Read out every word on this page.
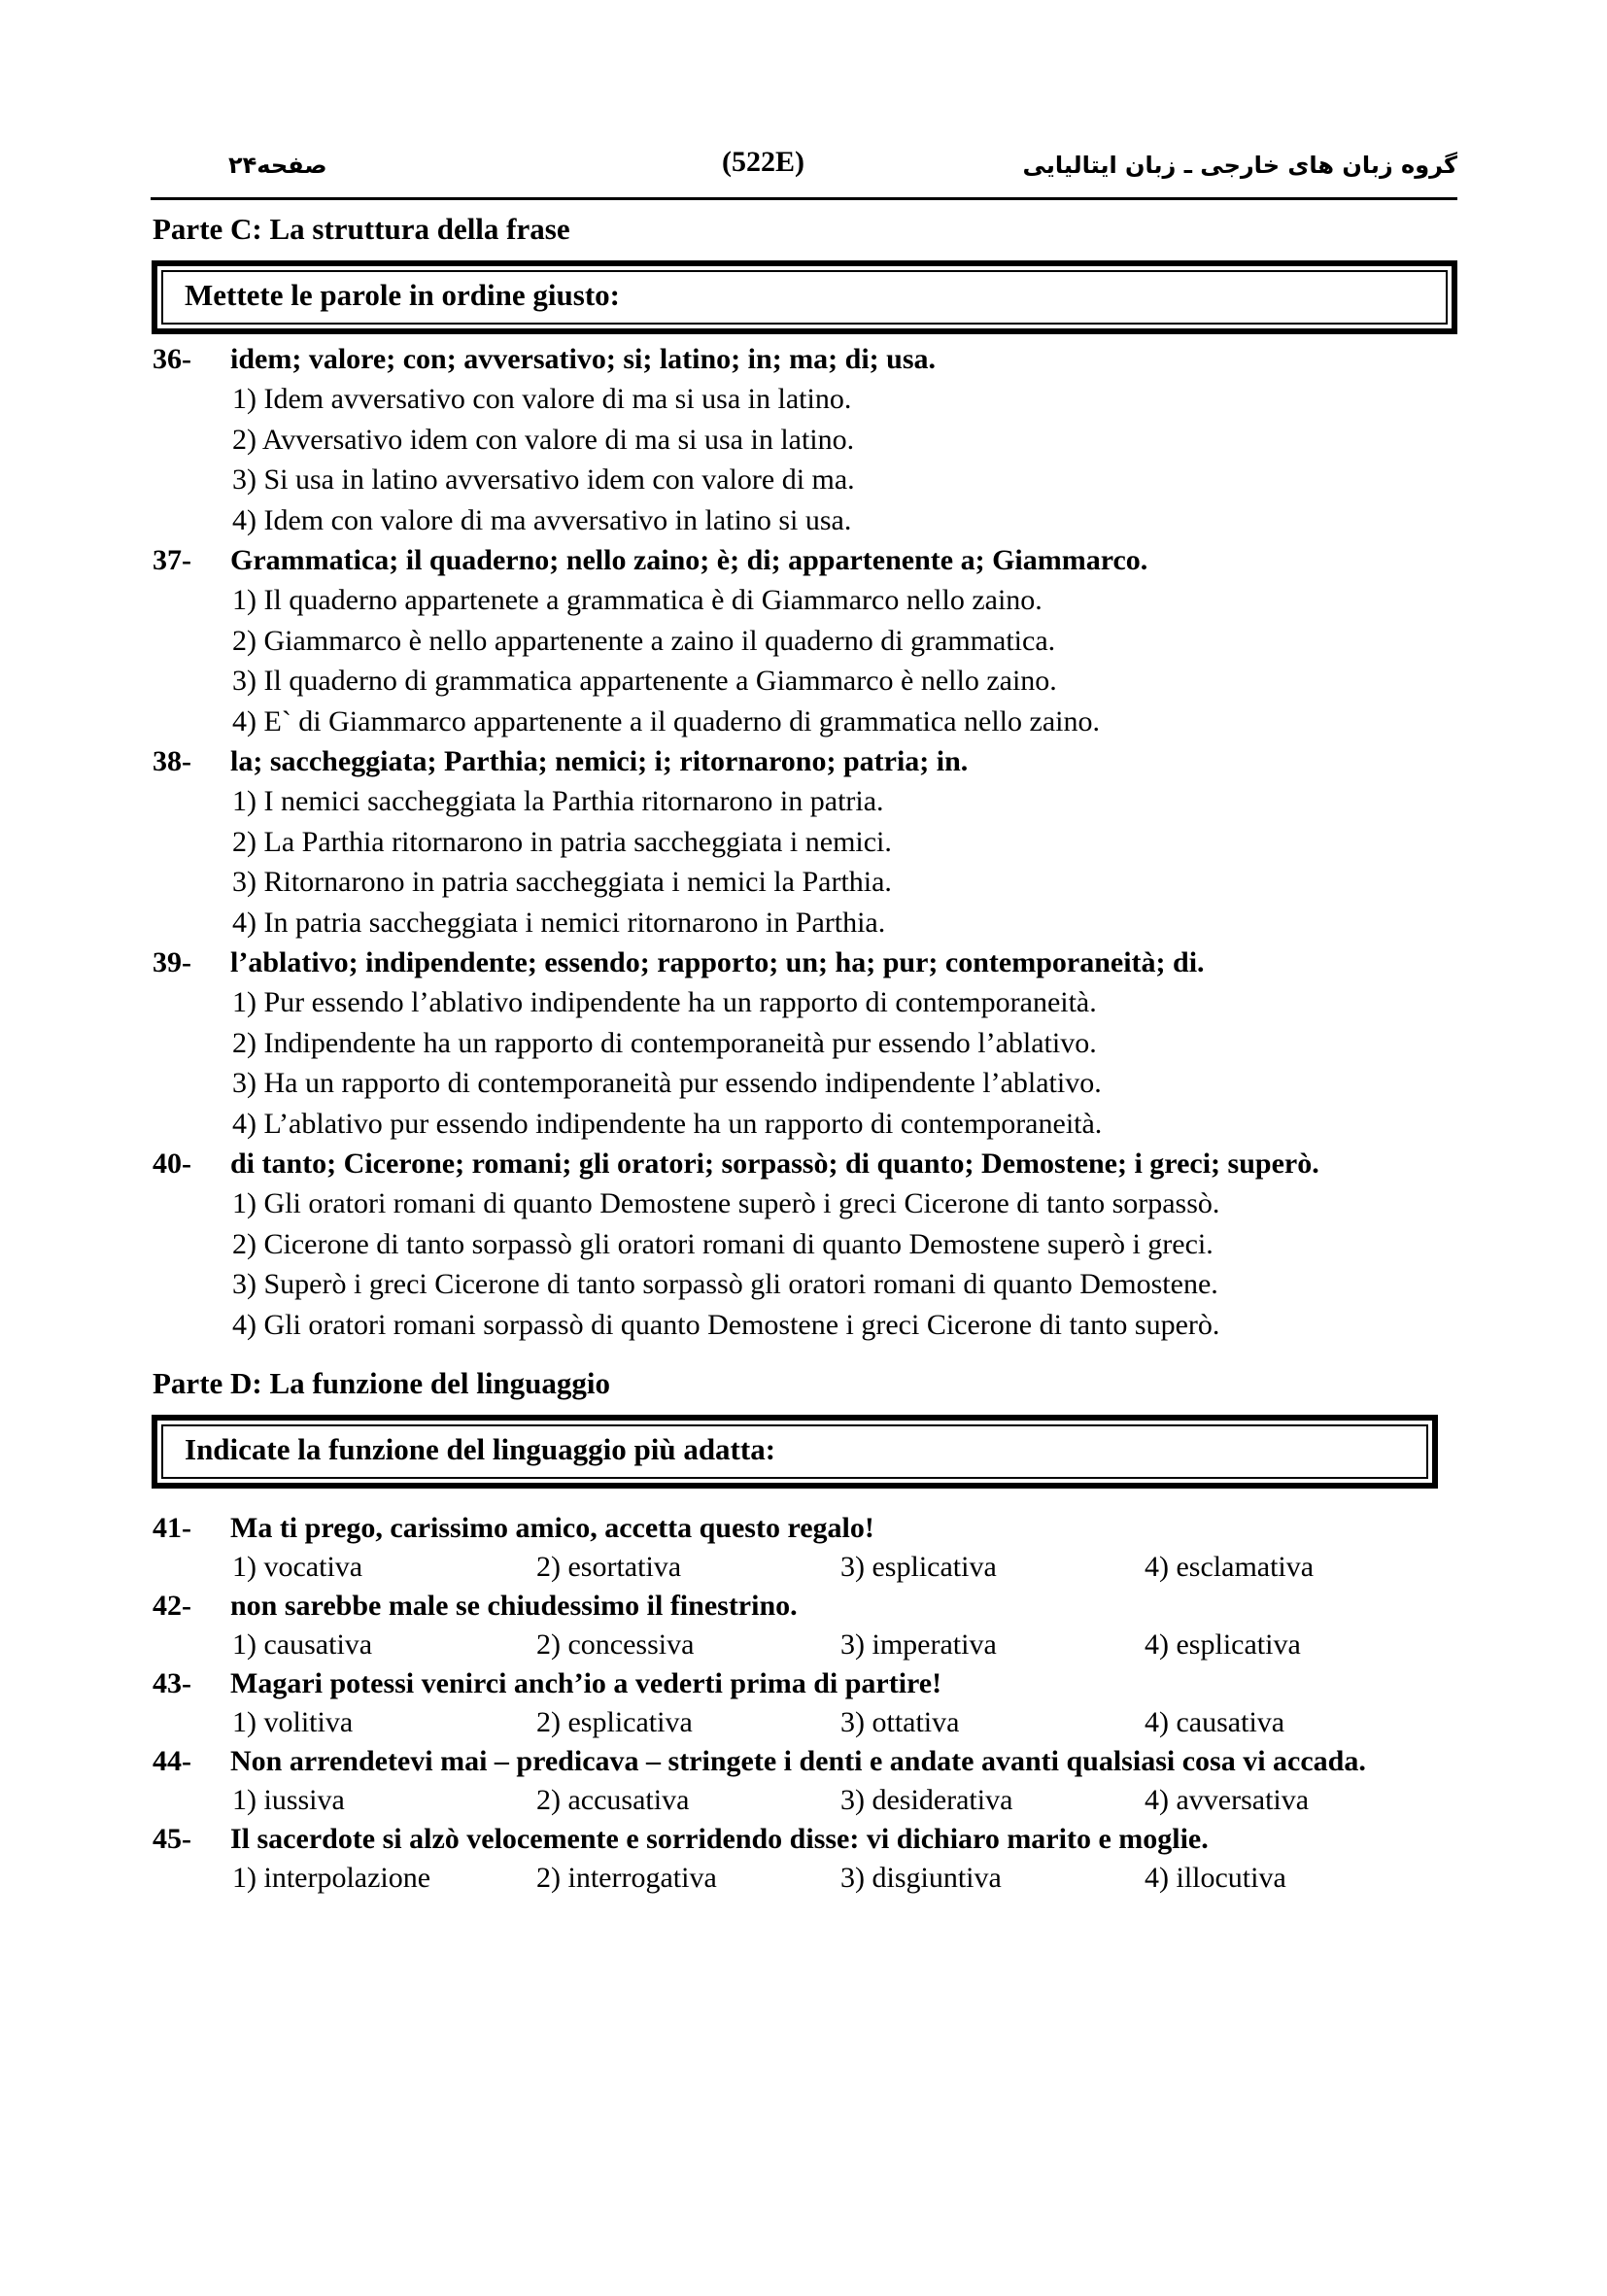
صفحه۲۴	(522E)	گروه زبان های خارجی ـ زبان ایتالیایی
Parte C: La struttura della frase
Mettete le parole in ordine giusto:
36-	idem; valore; con; avversativo; si; latino; in; ma; di; usa.
1) Idem avversativo con valore di ma si usa in latino.
2) Avversativo idem con valore di ma si usa in latino.
3) Si usa in latino avversativo idem con valore di ma.
4) Idem con valore di ma avversativo in latino si usa.
37-	Grammatica; il quaderno; nello zaino; è; di; appartenente a; Giammarco.
1) Il quaderno appartenete a grammatica è di Giammarco nello zaino.
2) Giammarco è nello appartenente a zaino il quaderno di grammatica.
3) Il quaderno di grammatica appartenente a Giammarco è nello zaino.
4) E` di Giammarco appartenente a il quaderno di grammatica nello zaino.
38-	la; saccheggiata; Parthia; nemici; i; ritornarono; patria; in.
1) I nemici saccheggiata la Parthia ritornarono in patria.
2) La Parthia ritornarono in patria saccheggiata i nemici.
3) Ritornarono in patria saccheggiata i nemici la Parthia.
4) In patria saccheggiata i nemici ritornarono in Parthia.
39-	l’ablativo; indipendente; essendo; rapporto; un; ha; pur; contemporaneità; di.
1) Pur essendo l’ablativo indipendente ha un rapporto di contemporaneità.
2) Indipendente ha un rapporto di contemporaneità pur essendo l’ablativo.
3) Ha un rapporto di contemporaneità pur essendo indipendente l’ablativo.
4) L’ablativo pur essendo indipendente ha un rapporto di contemporaneità.
40-	di tanto; Cicerone; romani; gli oratori; sorpassò; di quanto; Demostene; i greci; superò.
1) Gli oratori romani di quanto Demostene superò i greci Cicerone di tanto sorpassò.
2) Cicerone di tanto sorpassò gli oratori romani di quanto Demostene superò i greci.
3) Superò i greci Cicerone di tanto sorpassò gli oratori romani di quanto Demostene.
4) Gli oratori romani sorpassò di quanto Demostene i greci Cicerone di tanto superò.
Parte D: La funzione del linguaggio
Indicate la funzione del linguaggio più adatta:
41-	Ma ti prego, carissimo amico, accetta questo regalo!
1) vocativa	2) esortativa	3) esplicativa	4) esclamativa
42-	non sarebbe male se chiudessimo il finestrino.
1) causativa	2) concessiva	3) imperativa	4) esplicativa
43-	Magari potessi venirci anch’io a vederti prima di partire!
1) volitiva	2) esplicativa	3) ottativa	4) causativa
44-	Non arrendetevi mai – predicava – stringete i denti e andate avanti qualsiasi cosa vi accada.
1) iussiva	2) accusativa	3) desiderativa	4) avversativa
45-	Il sacerdote si alzò velocemente e sorridendo disse: vi dichiaro marito e moglie.
1) interpolazione	2) interrogativa	3) disgiuntiva	4) illocutiva
